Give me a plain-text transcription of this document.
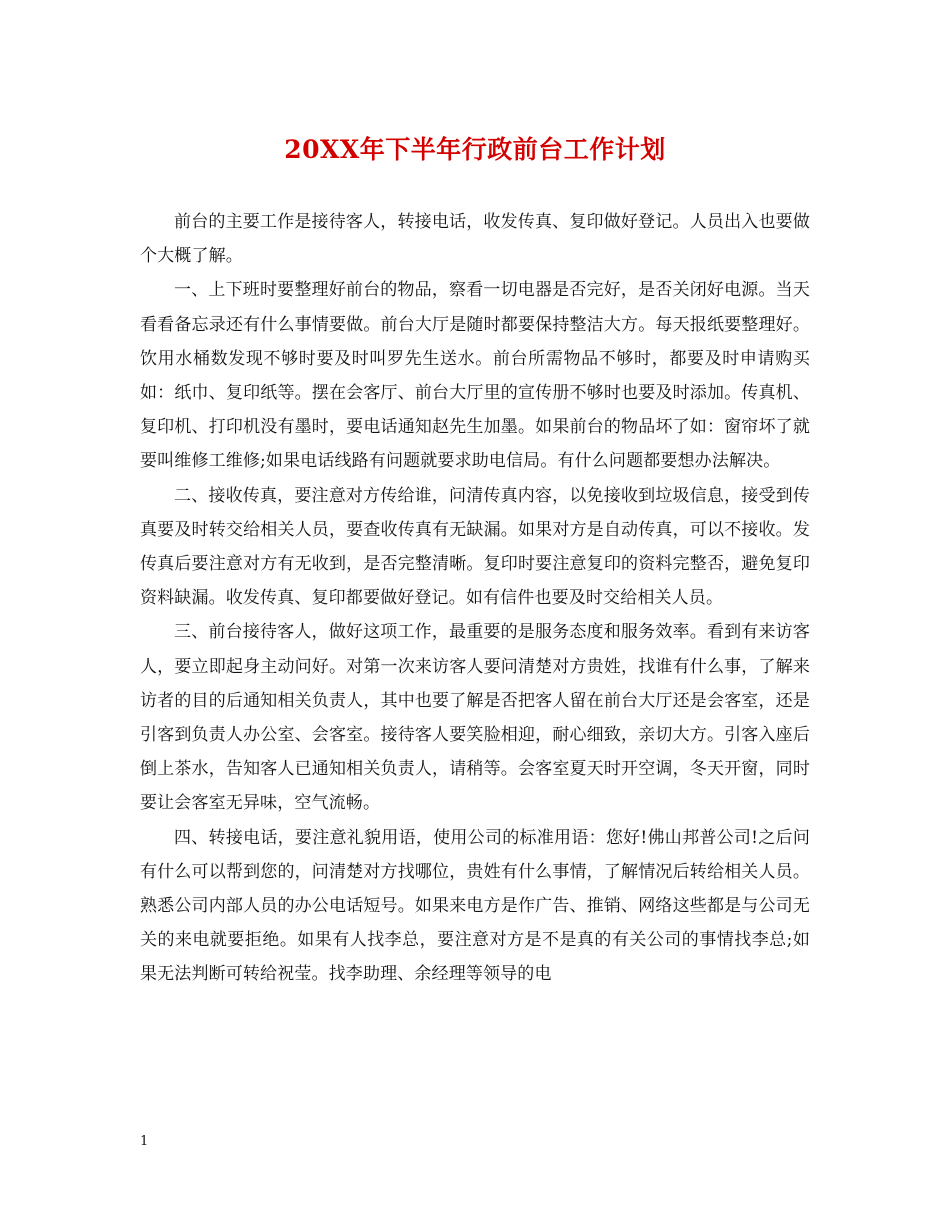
20XX年下半年行政前台工作计划

前台的主要工作是接待客人，转接电话，收发传真、复印做好登记。人员出入也要做个大概了解。

一、上下班时要整理好前台的物品，察看一切电器是否完好，是否关闭好电源。当天看看备忘录还有什么事情要做。前台大厅是随时都要保持整洁大方。每天报纸要整理好。饮用水桶数发现不够时要及时叫罗先生送水。前台所需物品不够时，都要及时申请购买如：纸巾、复印纸等。摆在会客厅、前台大厅里的宣传册不够时也要及时添加。传真机、复印机、打印机没有墨时，要电话通知赵先生加墨。如果前台的物品坏了如：窗帘坏了就要叫维修工维修;如果电话线路有问题就要求助电信局。有什么问题都要想办法解决。

二、接收传真，要注意对方传给谁，问清传真内容，以免接收到垃圾信息，接受到传真要及时转交给相关人员，要查收传真有无缺漏。如果对方是自动传真，可以不接收。发传真后要注意对方有无收到，是否完整清晰。复印时要注意复印的资料完整否，避免复印资料缺漏。收发传真、复印都要做好登记。如有信件也要及时交给相关人员。

三、前台接待客人，做好这项工作，最重要的是服务态度和服务效率。看到有来访客人，要立即起身主动问好。对第一次来访客人要问清楚对方贵姓，找谁有什么事，了解来访者的目的后通知相关负责人，其中也要了解是否把客人留在前台大厅还是会客室，还是引客到负责人办公室、会客室。接待客人要笑脸相迎，耐心细致，亲切大方。引客入座后倒上茶水，告知客人已通知相关负责人，请稍等。会客室夏天时开空调，冬天开窗，同时要让会客室无异味，空气流畅。

四、转接电话，要注意礼貌用语，使用公司的标准用语：您好!佛山邦普公司!之后问有什么可以帮到您的，问清楚对方找哪位，贵姓有什么事情，了解情况后转给相关人员。熟悉公司内部人员的办公电话短号。如果来电方是作广告、推销、网络这些都是与公司无关的来电就要拒绝。如果有人找李总，要注意对方是不是真的有关公司的事情找李总;如果无法判断可转给祝莹。找李助理、余经理等领导的电

1
